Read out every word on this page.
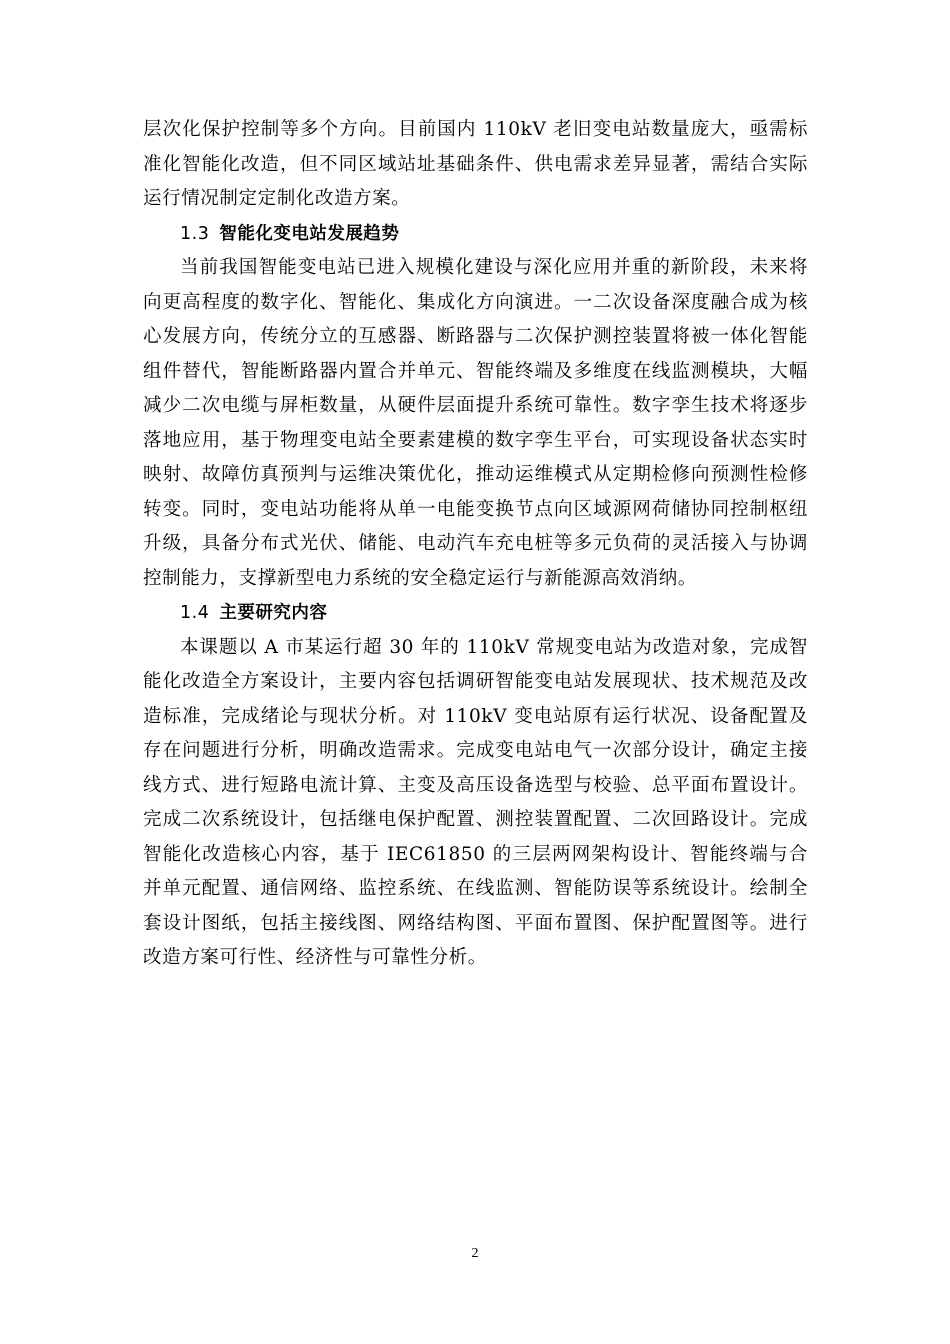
层次化保护控制等多个方向。目前国内 110kV 老旧变电站数量庞大，亟需标准化智能化改造，但不同区域站址基础条件、供电需求差异显著，需结合实际运行情况制定定制化改造方案。

1.3 智能化变电站发展趋势

当前我国智能变电站已进入规模化建设与深化应用并重的新阶段，未来将向更高程度的数字化、智能化、集成化方向演进。一二次设备深度融合成为核心发展方向，传统分立的互感器、断路器与二次保护测控装置将被一体化智能组件替代，智能断路器内置合并单元、智能终端及多维度在线监测模块，大幅减少二次电缆与屏柜数量，从硬件层面提升系统可靠性。数字孪生技术将逐步落地应用，基于物理变电站全要素建模的数字孪生平台，可实现设备状态实时映射、故障仿真预判与运维决策优化，推动运维模式从定期检修向预测性检修转变。同时，变电站功能将从单一电能变换节点向区域源网荷储协同控制枢纽升级，具备分布式光伏、储能、电动汽车充电桩等多元负荷的灵活接入与协调控制能力，支撑新型电力系统的安全稳定运行与新能源高效消纳。

1.4 主要研究内容

本课题以 A 市某运行超 30 年的 110kV 常规变电站为改造对象，完成智能化改造全方案设计，主要内容包括调研智能变电站发展现状、技术规范及改造标准，完成绪论与现状分析。对 110kV 变电站原有运行状况、设备配置及存在问题进行分析，明确改造需求。完成变电站电气一次部分设计，确定主接线方式、进行短路电流计算、主变及高压设备选型与校验、总平面布置设计。完成二次系统设计，包括继电保护配置、测控装置配置、二次回路设计。完成智能化改造核心内容，基于 IEC61850 的三层两网架构设计、智能终端与合并单元配置、通信网络、监控系统、在线监测、智能防误等系统设计。绘制全套设计图纸，包括主接线图、网络结构图、平面布置图、保护配置图等。进行改造方案可行性、经济性与可靠性分析。

2
